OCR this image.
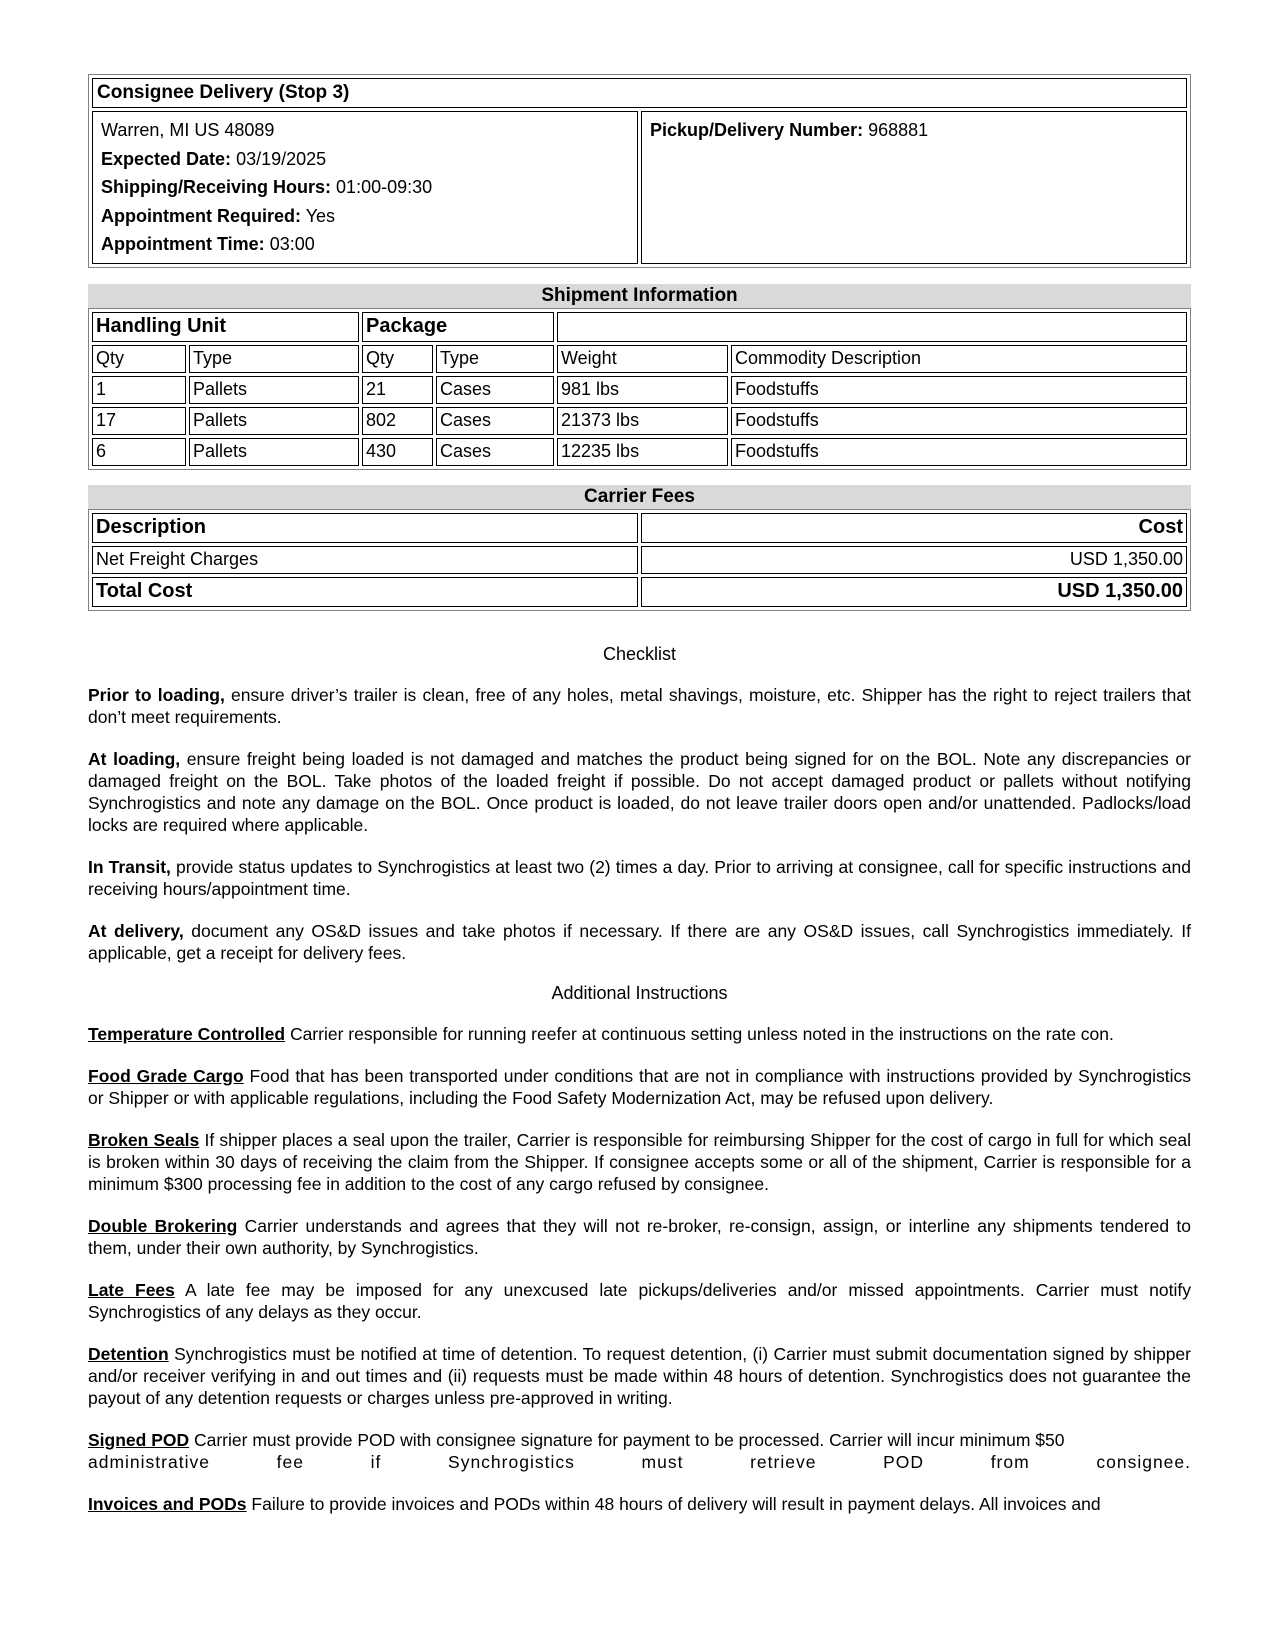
Consignee Delivery (Stop 3)

Warren, MI US 48089
Expected Date: 03/19/2025
Shipping/Receiving Hours: 01:00-09:30
Appointment Required: Yes
Appointment Time: 03:00

Pickup/Delivery Number: 968881
Shipment Information
Handling Unit		Package			
Qty	Type	Qty	Type	Weight	Commodity Description
1	Pallets	21	Cases	981 lbs	Foodstuffs
17	Pallets	802	Cases	21373 lbs	Foodstuffs
6	Pallets	430	Cases	12235 lbs	Foodstuffs
Carrier Fees
Description	Cost
Net Freight Charges	USD 1,350.00
Total Cost	USD 1,350.00
Checklist

Prior to loading, ensure driver’s trailer is clean, free of any holes, metal shavings, moisture, etc. Shipper has the right to reject trailers that don’t meet requirements.

At loading, ensure freight being loaded is not damaged and matches the product being signed for on the BOL. Note any discrepancies or damaged freight on the BOL. Take photos of the loaded freight if possible. Do not accept damaged product or pallets without notifying Synchrogistics and note any damage on the BOL. Once product is loaded, do not leave trailer doors open and/or unattended. Padlocks/load locks are required where applicable.

In Transit, provide status updates to Synchrogistics at least two (2) times a day. Prior to arriving at consignee, call for specific instructions and receiving hours/appointment time.

At delivery, document any OS&D issues and take photos if necessary. If there are any OS&D issues, call Synchrogistics immediately. If applicable, get a receipt for delivery fees.

Additional Instructions

Temperature Controlled Carrier responsible for running reefer at continuous setting unless noted in the instructions on the rate con.

Food Grade Cargo Food that has been transported under conditions that are not in compliance with instructions provided by Synchrogistics or Shipper or with applicable regulations, including the Food Safety Modernization Act, may be refused upon delivery.

Broken Seals If shipper places a seal upon the trailer, Carrier is responsible for reimbursing Shipper for the cost of cargo in full for which seal is broken within 30 days of receiving the claim from the Shipper. If consignee accepts some or all of the shipment, Carrier is responsible for a minimum $300 processing fee in addition to the cost of any cargo refused by consignee.

Double Brokering Carrier understands and agrees that they will not re-broker, re-consign, assign, or interline any shipments tendered to them, under their own authority, by Synchrogistics.

Late Fees A late fee may be imposed for any unexcused late pickups/deliveries and/or missed appointments. Carrier must notify Synchrogistics of any delays as they occur.

Detention Synchrogistics must be notified at time of detention. To request detention, (i) Carrier must submit documentation signed by shipper and/or receiver verifying in and out times and (ii) requests must be made within 48 hours of detention. Synchrogistics does not guarantee the payout of any detention requests or charges unless pre-approved in writing.

Signed POD Carrier must provide POD with consignee signature for payment to be processed. Carrier will incur minimum $50

administrative fee if Synchrogistics must retrieve POD from consignee.

Invoices and PODs Failure to provide invoices and PODs within 48 hours of delivery will result in payment delays. All invoices and
